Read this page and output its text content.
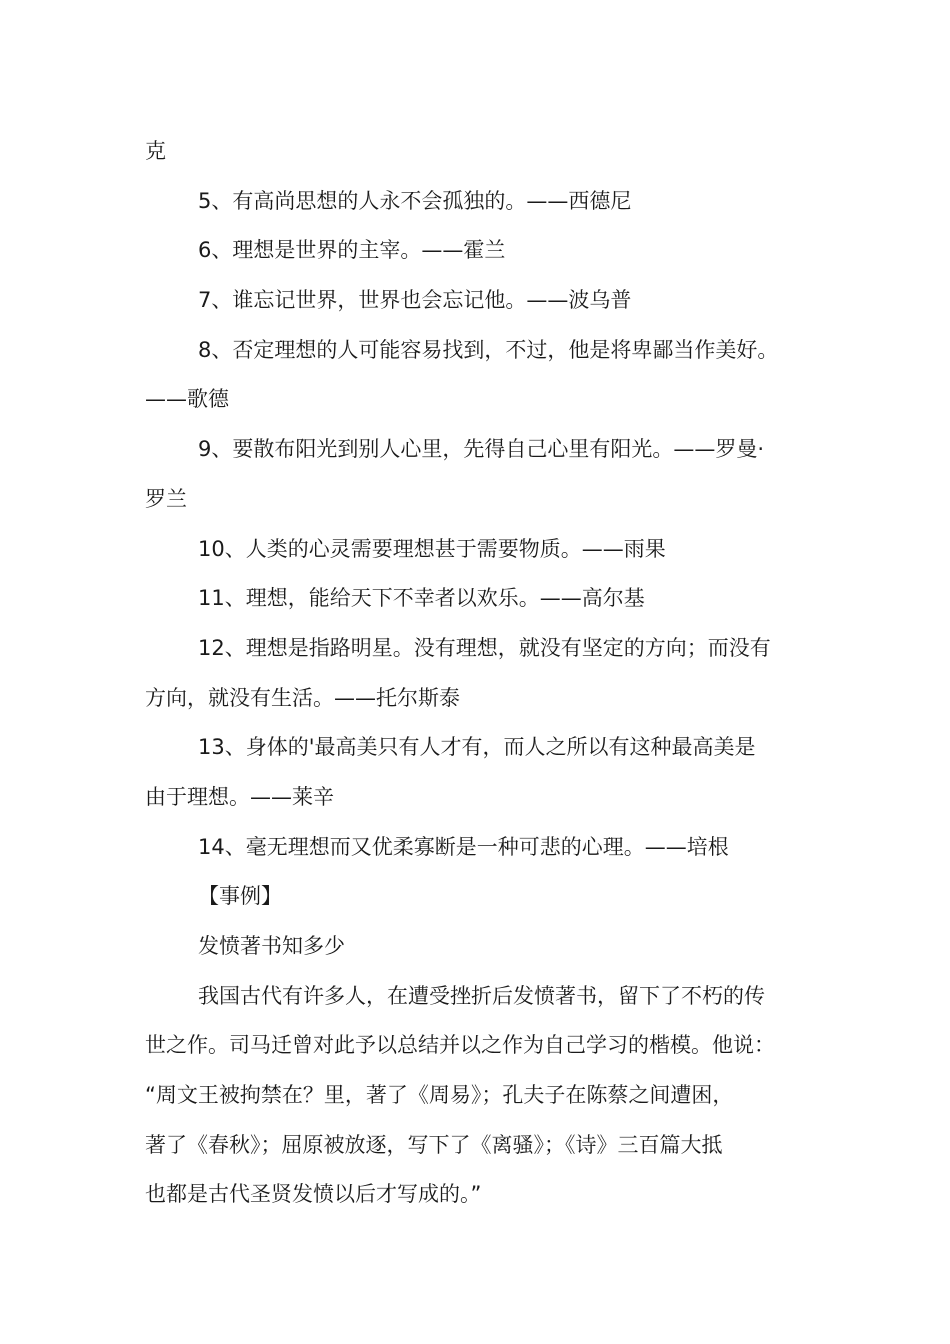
克
5、有高尚思想的人永不会孤独的。——西德尼
6、理想是世界的主宰。——霍兰
7、谁忘记世界，世界也会忘记他。——波乌普
8、否定理想的人可能容易找到，不过，他是将卑鄙当作美好。
——歌德
9、要散布阳光到别人心里，先得自己心里有阳光。——罗曼·
罗兰
10、人类的心灵需要理想甚于需要物质。——雨果
11、理想，能给天下不幸者以欢乐。——高尔基
12、理想是指路明星。没有理想，就没有坚定的方向；而没有
方向，就没有生活。——托尔斯泰
13、身体的'最高美只有人才有，而人之所以有这种最高美是
由于理想。——莱辛
14、毫无理想而又优柔寡断是一种可悲的心理。——培根
【事例】
发愤著书知多少
我国古代有许多人，在遭受挫折后发愤著书，留下了不朽的传
世之作。司马迁曾对此予以总结并以之作为自己学习的楷模。他说：
“周文王被拘禁在？里，著了《周易》；孔夫子在陈蔡之间遭困，
著了《春秋》；屈原被放逐，写下了《离骚》；《诗》三百篇大抵
也都是古代圣贤发愤以后才写成的。”
